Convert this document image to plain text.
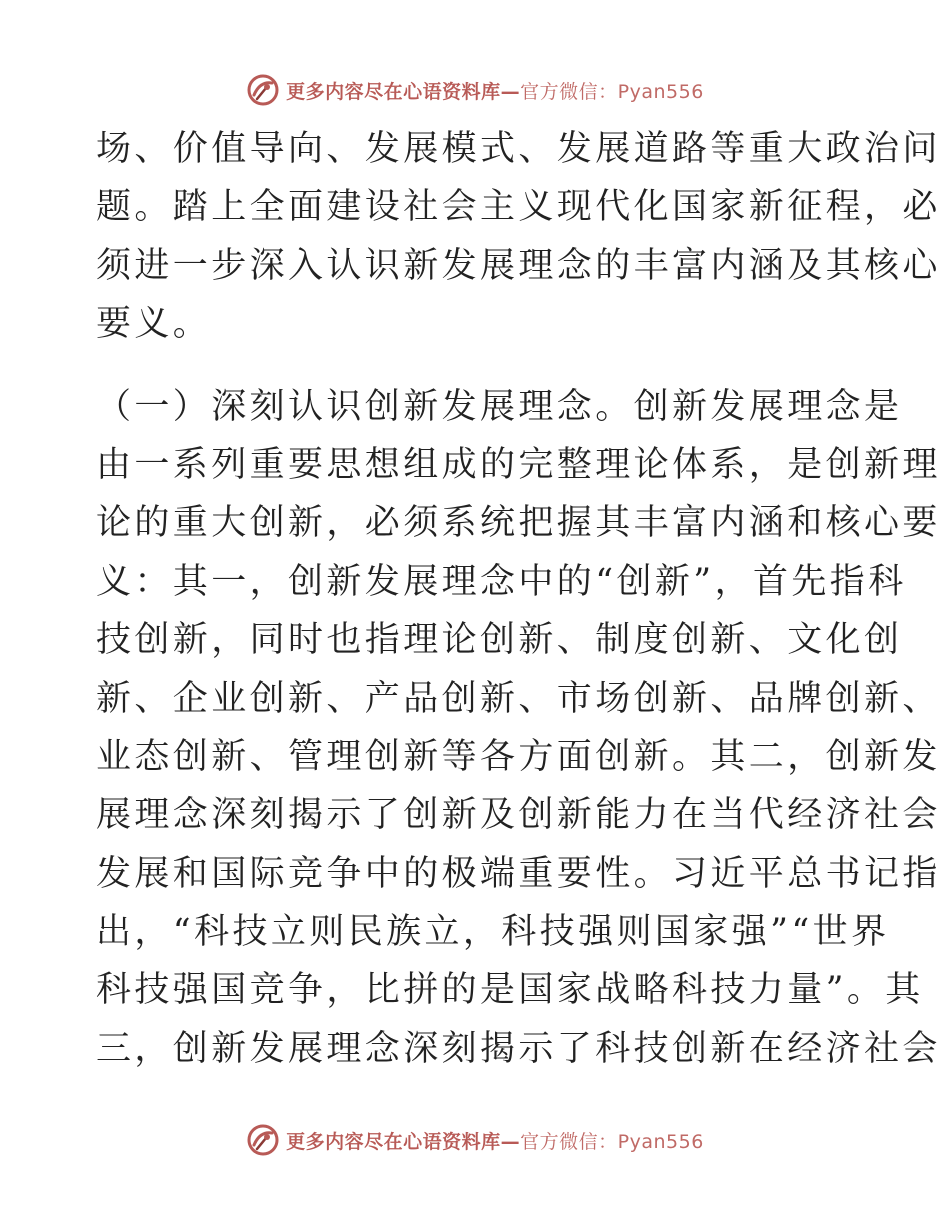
更多内容尽在心语资料库—官方微信：Pyan556
场、价值导向、发展模式、发展道路等重大政治问
题。踏上全面建设社会主义现代化国家新征程，必
须进一步深入认识新发展理念的丰富内涵及其核心
要义。
（一）深刻认识创新发展理念。创新发展理念是
由一系列重要思想组成的完整理论体系，是创新理
论的重大创新，必须系统把握其丰富内涵和核心要
义：其一，创新发展理念中的“创新”，首先指科
技创新，同时也指理论创新、制度创新、文化创
新、企业创新、产品创新、市场创新、品牌创新、
业态创新、管理创新等各方面创新。其二，创新发
展理念深刻揭示了创新及创新能力在当代经济社会
发展和国际竞争中的极端重要性。习近平总书记指
出，“科技立则民族立，科技强则国家强”“世界
科技强国竞争，比拼的是国家战略科技力量”。其
三，创新发展理念深刻揭示了科技创新在经济社会
更多内容尽在心语资料库—官方微信：Pyan556
